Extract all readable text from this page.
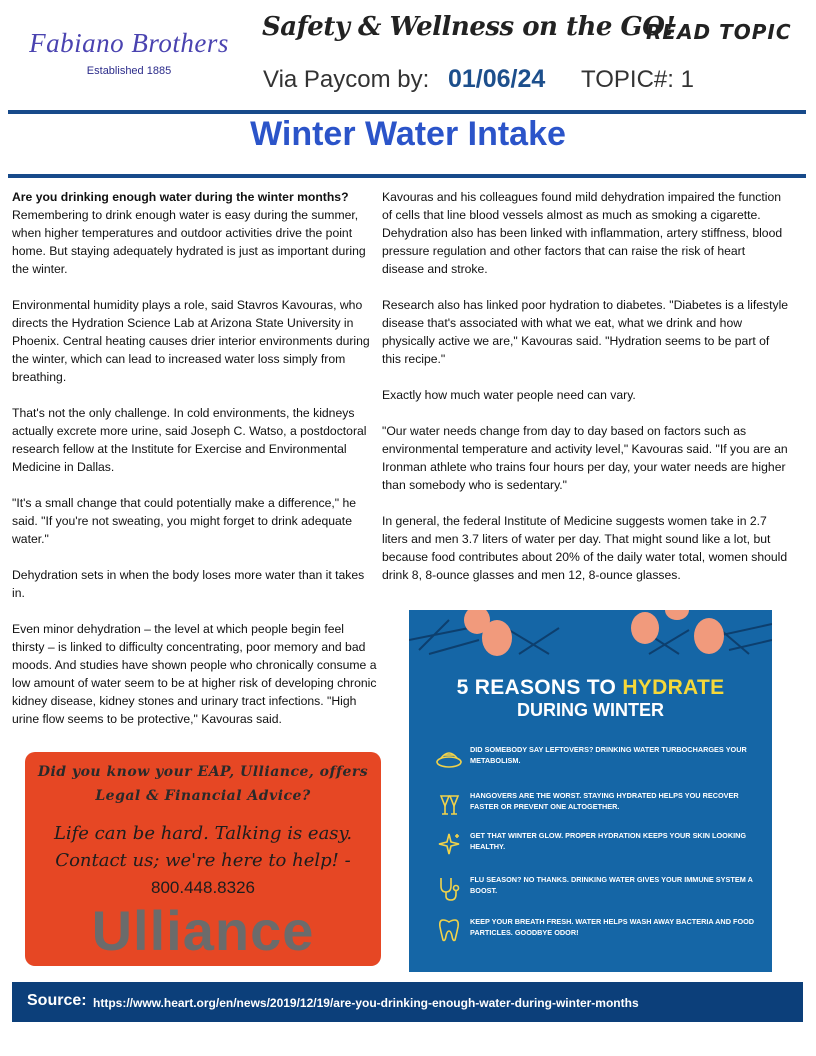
Fabiano Brothers
Established 1885
Safety & Wellness on the GO!
READ TOPIC
Via Paycom by: 01/06/24 TOPIC#: 1
Winter Water Intake

Are you drinking enough water during the winter months? Remembering to drink enough water is easy during the summer, when higher temperatures and outdoor activities drive the point home. But staying adequately hydrated is just as important during the winter.

Environmental humidity plays a role, said Stavros Kavouras, who directs the Hydration Science Lab at Arizona State University in Phoenix. Central heating causes drier interior environments during the winter, which can lead to increased water loss simply from breathing.

That's not the only challenge. In cold environments, the kidneys actually excrete more urine, said Joseph C. Watso, a postdoctoral research fellow at the Institute for Exercise and Environmental Medicine in Dallas.

"It's a small change that could potentially make a difference," he said. "If you're not sweating, you might forget to drink adequate water."

Dehydration sets in when the body loses more water than it takes in.

Even minor dehydration – the level at which people begin feel thirsty – is linked to difficulty concentrating, poor memory and bad moods. And studies have shown people who chronically consume a low amount of water seem to be at higher risk of developing chronic kidney disease, kidney stones and urinary tract infections. "High urine flow seems to be protective," Kavouras said.

Kavouras and his colleagues found mild dehydration impaired the function of cells that line blood vessels almost as much as smoking a cigarette. Dehydration also has been linked with inflammation, artery stiffness, blood pressure regulation and other factors that can raise the risk of heart disease and stroke.

Research also has linked poor hydration to diabetes. "Diabetes is a lifestyle disease that's associated with what we eat, what we drink and how physically active we are," Kavouras said. "Hydration seems to be part of this recipe."

Exactly how much water people need can vary.

"Our water needs change from day to day based on factors such as environmental temperature and activity level," Kavouras said. "If you are an Ironman athlete who trains four hours per day, your water needs are higher than somebody who is sedentary."

In general, the federal Institute of Medicine suggests women take in 2.7 liters and men 3.7 liters of water per day. That might sound like a lot, but because food contributes about 20% of the daily water total, women should drink 8, 8-ounce glasses and men 12, 8-ounce glasses.

Did you know your EAP, Ulliance, offers Legal & Financial Advice?
Life can be hard. Talking is easy. Contact us; we're here to help! -
800.448.8326
Ulliance
5 REASONS TO HYDRATE
DURING WINTER
DID SOMEBODY SAY LEFTOVERS? DRINKING WATER TURBOCHARGES YOUR METABOLISM.
HANGOVERS ARE THE WORST. STAYING HYDRATED HELPS YOU RECOVER FASTER OR PREVENT ONE ALTOGETHER.
GET THAT WINTER GLOW. PROPER HYDRATION KEEPS YOUR SKIN LOOKING HEALTHY.
FLU SEASON? NO THANKS. DRINKING WATER GIVES YOUR IMMUNE SYSTEM A BOOST.
KEEP YOUR BREATH FRESH. WATER HELPS WASH AWAY BACTERIA AND FOOD PARTICLES. GOODBYE ODOR!
Source: https://www.heart.org/en/news/2019/12/19/are-you-drinking-enough-water-during-winter-months
